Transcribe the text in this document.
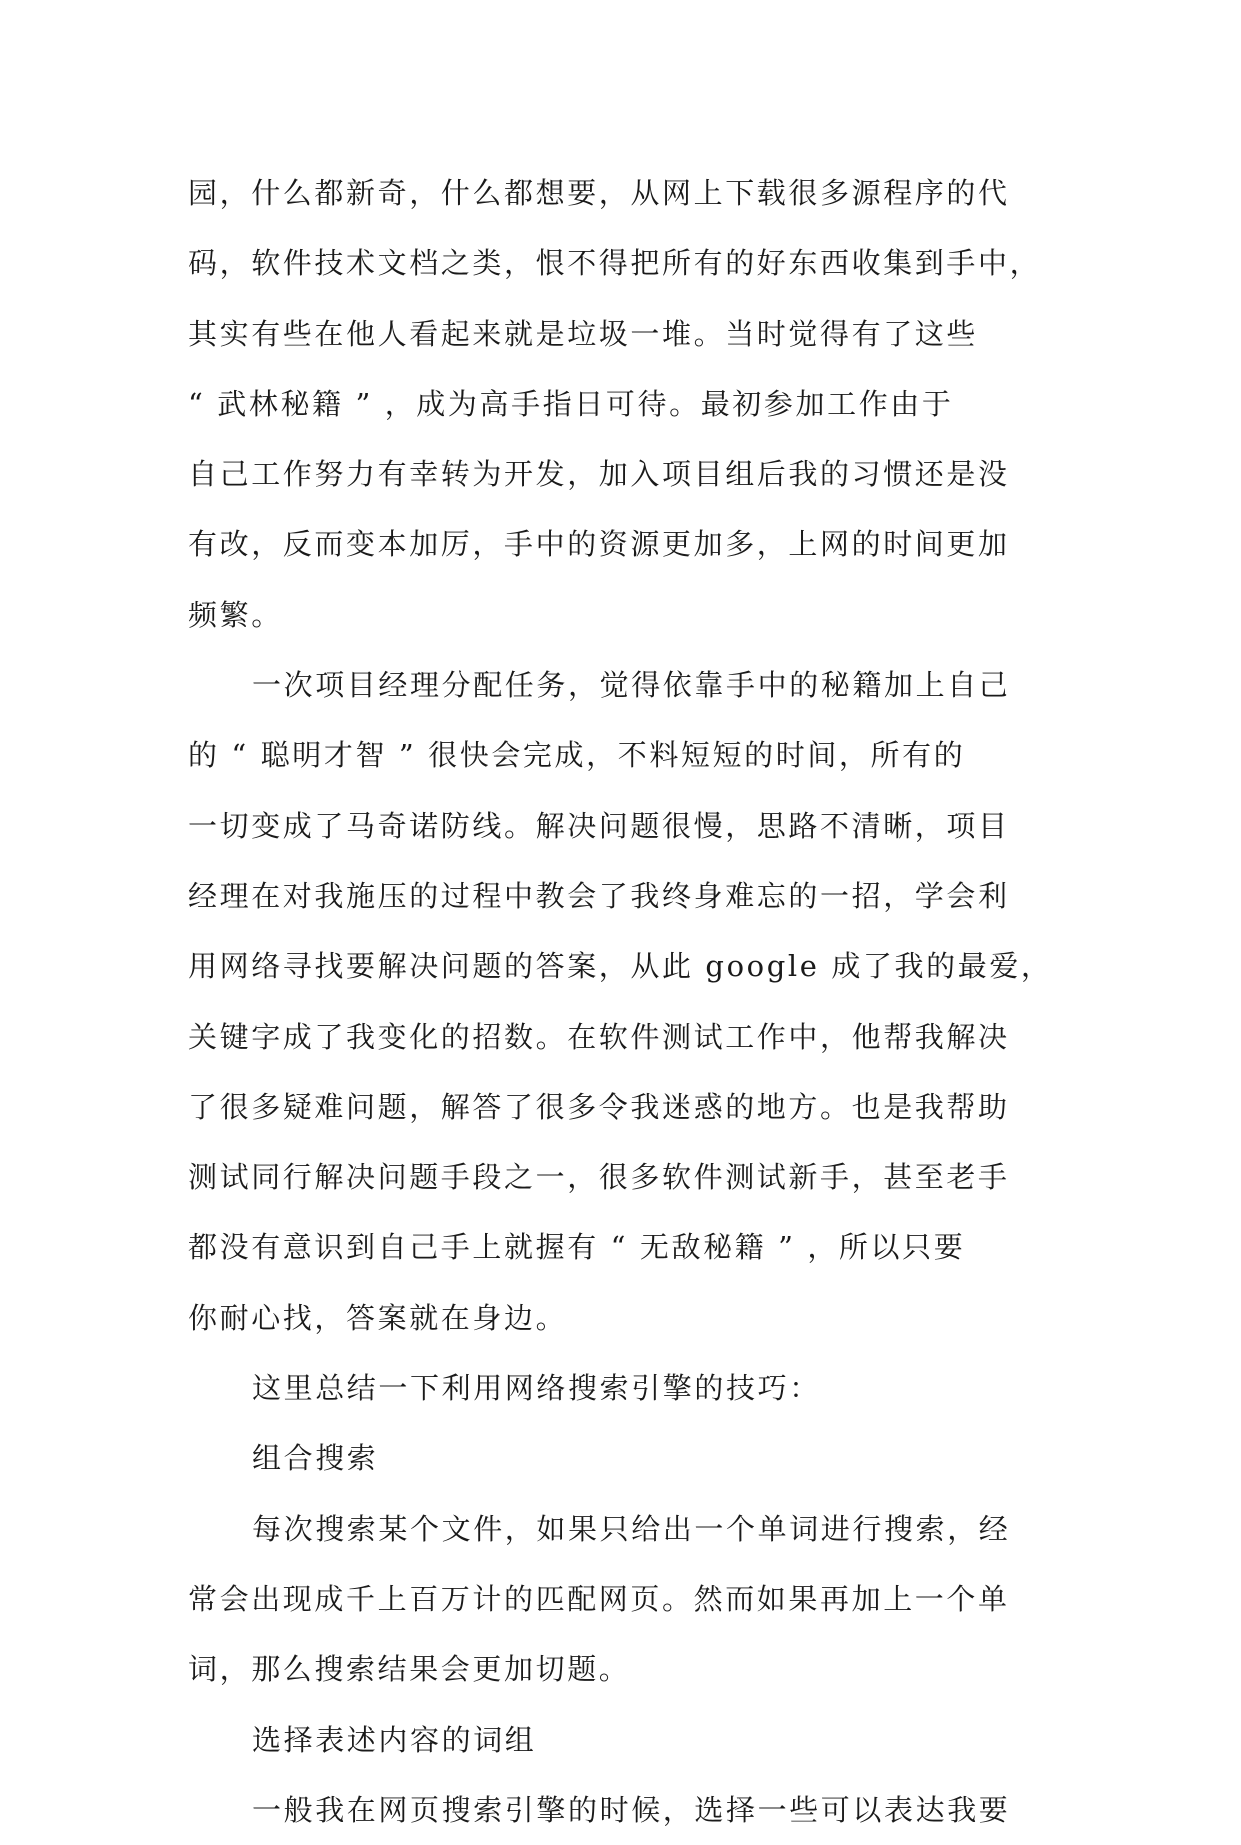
园，什么都新奇，什么都想要，从网上下载很多源程序的代
码，软件技术文档之类，恨不得把所有的好东西收集到手中，
其实有些在他人看起来就是垃圾一堆。当时觉得有了这些
“ 武林秘籍 ” ，成为高手指日可待。最初参加工作由于
自己工作努力有幸转为开发，加入项目组后我的习惯还是没
有改，反而变本加厉，手中的资源更加多，上网的时间更加
频繁。
一次项目经理分配任务，觉得依靠手中的秘籍加上自己
的 “ 聪明才智 ” 很快会完成，不料短短的时间，所有的
一切变成了马奇诺防线。解决问题很慢，思路不清晰，项目
经理在对我施压的过程中教会了我终身难忘的一招，学会利
用网络寻找要解决问题的答案，从此 google 成了我的最爱，
关键字成了我变化的招数。在软件测试工作中，他帮我解决
了很多疑难问题，解答了很多令我迷惑的地方。也是我帮助
测试同行解决问题手段之一，很多软件测试新手，甚至老手
都没有意识到自己手上就握有 “ 无敌秘籍 ” ，所以只要
你耐心找，答案就在身边。
这里总结一下利用网络搜索引擎的技巧：
组合搜索
每次搜索某个文件，如果只给出一个单词进行搜索，经
常会出现成千上百万计的匹配网页。然而如果再加上一个单
词，那么搜索结果会更加切题。
选择表述内容的词组
一般我在网页搜索引擎的时候，选择一些可以表达我要
